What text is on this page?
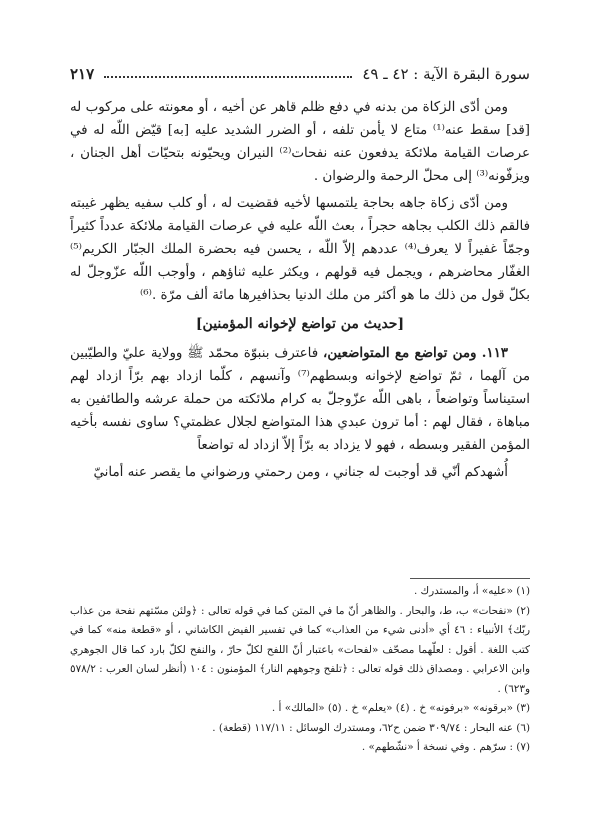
سورة البقرة الآية : ٤٢ ـ ٤٩
٢١٧

ومن أدّى الزكاة من بدنه في دفع ظلم قاهر عن أخيه ، أو معونته على مركوب له [قد] سقط عنه⁽¹⁾ متاع لا يأمن تلفه ، أو الضرر الشديد عليه [به] قيّض اللّه له في عرصات القيامة ملائكة يدفعون عنه نفحات⁽²⁾ النيران ويحيّونه بتحيّات أهل الجنان ، ويزفّونه⁽³⁾ إلى محلّ الرحمة والرضوان .

ومن أدّى زكاة جاهه بحاجة يلتمسها لأخيه فقضيت له ، أو كلب سفيه يظهر غيبته فالقم ذلك الكلب بجاهه حجراً ، بعث اللّه عليه في عرصات القيامة ملائكة عدداً كثيراً وجمّاً غفيراً لا يعرف⁽⁴⁾ عددهم إلاّ اللّه ، يحسن فيه بحضرة الملك الجبّار الكريم⁽⁵⁾ الغفّار محاضرهم ، ويجمل فيه قولهم ، ويكثر عليه ثناؤهم ، وأوجب اللّه عزّوجلّ له بكلّ قول من ذلك ما هو أكثر من ملك الدنيا بحذافيرها مائة ألف مرّة .⁽⁶⁾

[حديث من تواضع لإخوانه المؤمنين]

١١٣. ومن تواضع مع المتواضعين، فاعترف بنبوّة محمّد ﷺ وولاية عليّ والطيّبين من آلهما ، ثمّ تواضع لإخوانه وبسطهم⁽⁷⁾ وآنسهم ، كلّما ازداد بهم برّاً ازداد لهم استيناساً وتواضعاً ، باهى اللّه عزّوجلّ به كرام ملائكته من حملة عرشه والطائفين به مباهاة ، فقال لهم : أما ترون عبدي هذا المتواضع لجلال عظمتي؟ ساوى نفسه بأخيه المؤمن الفقير وبسطه ، فهو لا يزداد به برّاً إلاّ ازداد له تواضعاً

أُشهدكم أنّي قد أوجبت له جناني ، ومن رحمتي ورضواني ما يقصر عنه أمانيّ

(١) «عليه» أ، والمستدرك .
(٢) «نفحات» ب، ط، والبحار . والظاهر أنّ ما في المتن كما في قوله تعالى : ﴿ولئن مسّتهم نفحة من عذاب ربّك﴾ الأنبياء : ٤٦ أي «أدنى شيء من العذاب» كما في تفسير الفيض الكاشاني ، أو «قطعة منه» كما في كتب اللغة . أقول : لعلّهما مصحّف «لفحات» باعتبار أنّ اللفح لكلّ حارّ ، والنفح لكلّ بارد كما قال الجوهري وابن الاعرابي . ومصداق ذلك قوله تعالى : ﴿تلفح وجوههم النار﴾ المؤمنون : ١٠٤ (أنظر لسان العرب : ٥٧٨/٢ و٦٢٣) .
(٣) «برقونه» «برفونه» خ . (٤) «يعلم» خ . (٥) «المالك» أ .
(٦) عنه البحار : ٣٠٩/٧٤ ضمن ح٦٢، ومستدرك الوسائل : ١١٧/١١ (قطعة) .
(٧) : سرّهم . وفي نسخة أ «نشّطهم» .
